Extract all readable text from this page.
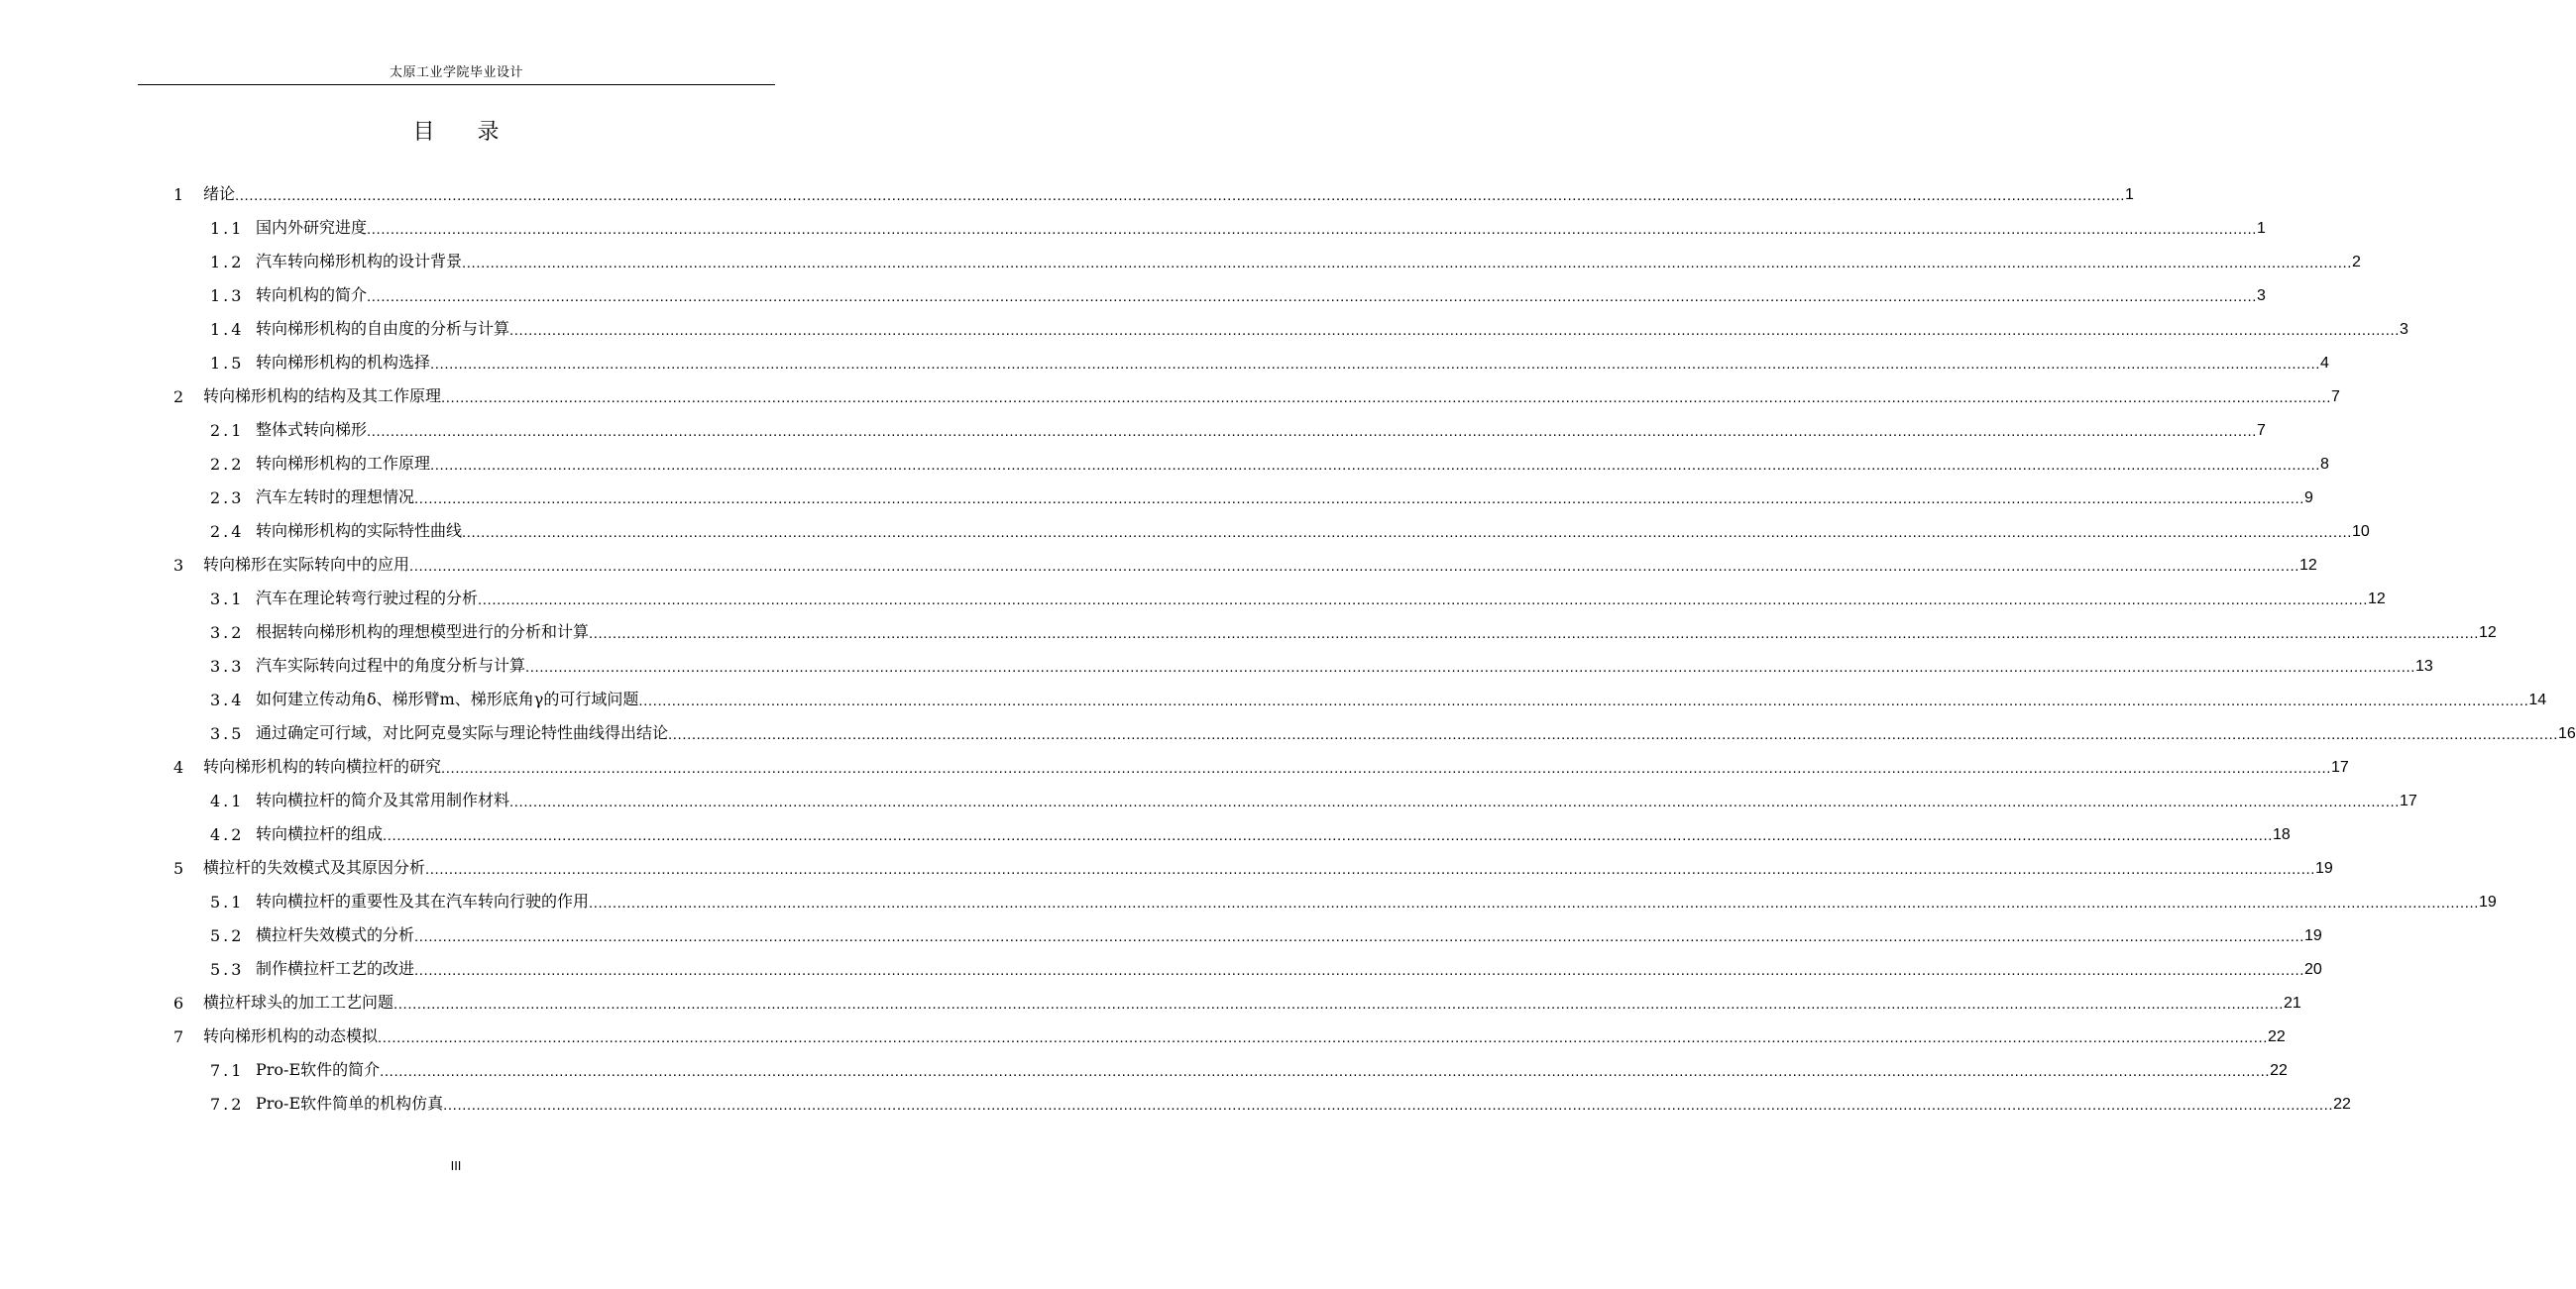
太原工业学院毕业设计
目 录
1	绪论 ................................................................................................................................................................................................................................................................................................................................................................................................................ 1
1.1 国内外研究进度 ................................................................................................................................................................................................................................................................................................................................................................................................................ 1
1.2 汽车转向梯形机构的设计背景 ................................................................................................................................................................................................................................................................................................................................................................................................................ 2
1.3 转向机构的简介 ................................................................................................................................................................................................................................................................................................................................................................................................................ 3
1.4 转向梯形机构的自由度的分析与计算 ................................................................................................................................................................................................................................................................................................................................................................................................................ 3
1.5 转向梯形机构的机构选择 ................................................................................................................................................................................................................................................................................................................................................................................................................ 4
2	转向梯形机构的结构及其工作原理 ................................................................................................................................................................................................................................................................................................................................................................................................................ 7
2.1 整体式转向梯形 ................................................................................................................................................................................................................................................................................................................................................................................................................ 7
2.2 转向梯形机构的工作原理 ................................................................................................................................................................................................................................................................................................................................................................................................................ 8
2.3 汽车左转时的理想情况 ................................................................................................................................................................................................................................................................................................................................................................................................................ 9
2.4 转向梯形机构的实际特性曲线 ................................................................................................................................................................................................................................................................................................................................................................................................................ 10
3	转向梯形在实际转向中的应用 ................................................................................................................................................................................................................................................................................................................................................................................................................ 12
3.1 汽车在理论转弯行驶过程的分析 ................................................................................................................................................................................................................................................................................................................................................................................................................ 12
3.2 根据转向梯形机构的理想模型进行的分析和计算 ................................................................................................................................................................................................................................................................................................................................................................................................................ 12
3.3 汽车实际转向过程中的角度分析与计算 ................................................................................................................................................................................................................................................................................................................................................................................................................ 13
3.4 如何建立传动角δ、梯形臂m、梯形底角γ的可行域问题 ................................................................................................................................................................................................................................................................................................................................................................................................................ 14
3.5 通过确定可行域，对比阿克曼实际与理论特性曲线得出结论 ................................................................................................................................................................................................................................................................................................................................................................................................................ 16
4	转向梯形机构的转向横拉杆的研究 ................................................................................................................................................................................................................................................................................................................................................................................................................ 17
4.1 转向横拉杆的简介及其常用制作材料 ................................................................................................................................................................................................................................................................................................................................................................................................................ 17
4.2 转向横拉杆的组成 ................................................................................................................................................................................................................................................................................................................................................................................................................ 18
5	横拉杆的失效模式及其原因分析 ................................................................................................................................................................................................................................................................................................................................................................................................................ 19
5.1 转向横拉杆的重要性及其在汽车转向行驶的作用 ................................................................................................................................................................................................................................................................................................................................................................................................................ 19
5.2 横拉杆失效模式的分析 ................................................................................................................................................................................................................................................................................................................................................................................................................ 19
5.3 制作横拉杆工艺的改进 ................................................................................................................................................................................................................................................................................................................................................................................................................ 20
6	横拉杆球头的加工工艺问题 ................................................................................................................................................................................................................................................................................................................................................................................................................ 21
7	转向梯形机构的动态模拟 ................................................................................................................................................................................................................................................................................................................................................................................................................ 22
7.1 Pro-E软件的简介 ................................................................................................................................................................................................................................................................................................................................................................................................................ 22
7.2 Pro-E软件简单的机构仿真 ................................................................................................................................................................................................................................................................................................................................................................................................................ 22
III
